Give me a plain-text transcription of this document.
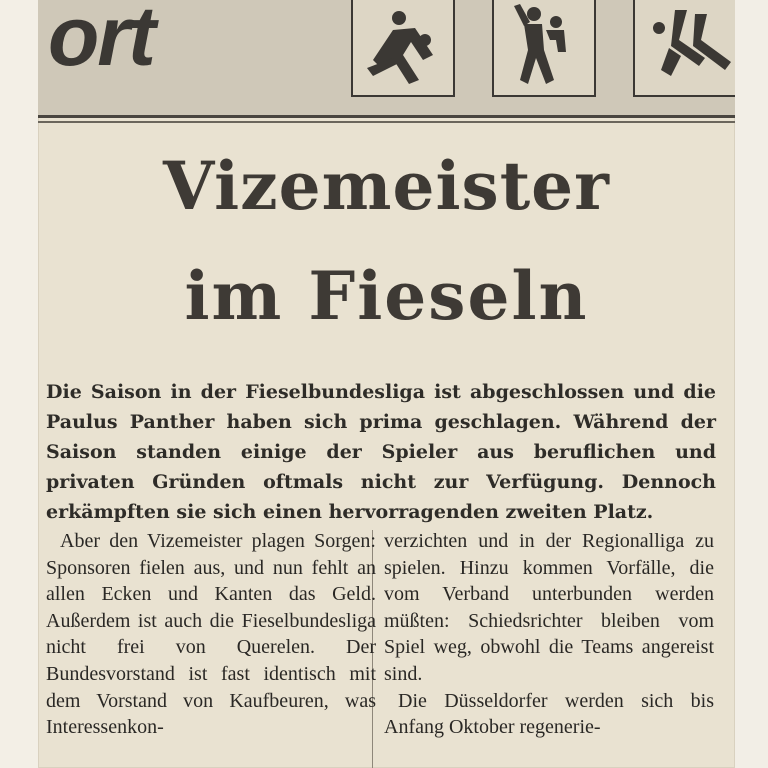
ort
Vizemeister
im Fieseln

Die Saison in der Fieselbundesliga ist abgeschlossen und die Paulus Panther haben sich prima geschlagen. Während der Saison standen einige der Spieler aus beruflichen und privaten Gründen oftmals nicht zur Verfügung. Dennoch erkämpften sie sich einen hervorragenden zweiten Platz.

Aber den Vizemeister plagen Sorgen: Sponsoren fielen aus, und nun fehlt an allen Ecken und Kanten das Geld. Außerdem ist auch die Fieselbundesliga nicht frei von Querelen. Der Bundesvorstand ist fast identisch mit dem Vorstand von Kaufbeuren, was Interessenkon-

verzichten und in der Regionalliga zu spielen. Hinzu kommen Vorfälle, die vom Verband unterbunden werden müßten: Schiedsrichter bleiben vom Spiel weg, obwohl die Teams angereist sind.

Die Düsseldorfer werden sich bis Anfang Oktober regenerie-
